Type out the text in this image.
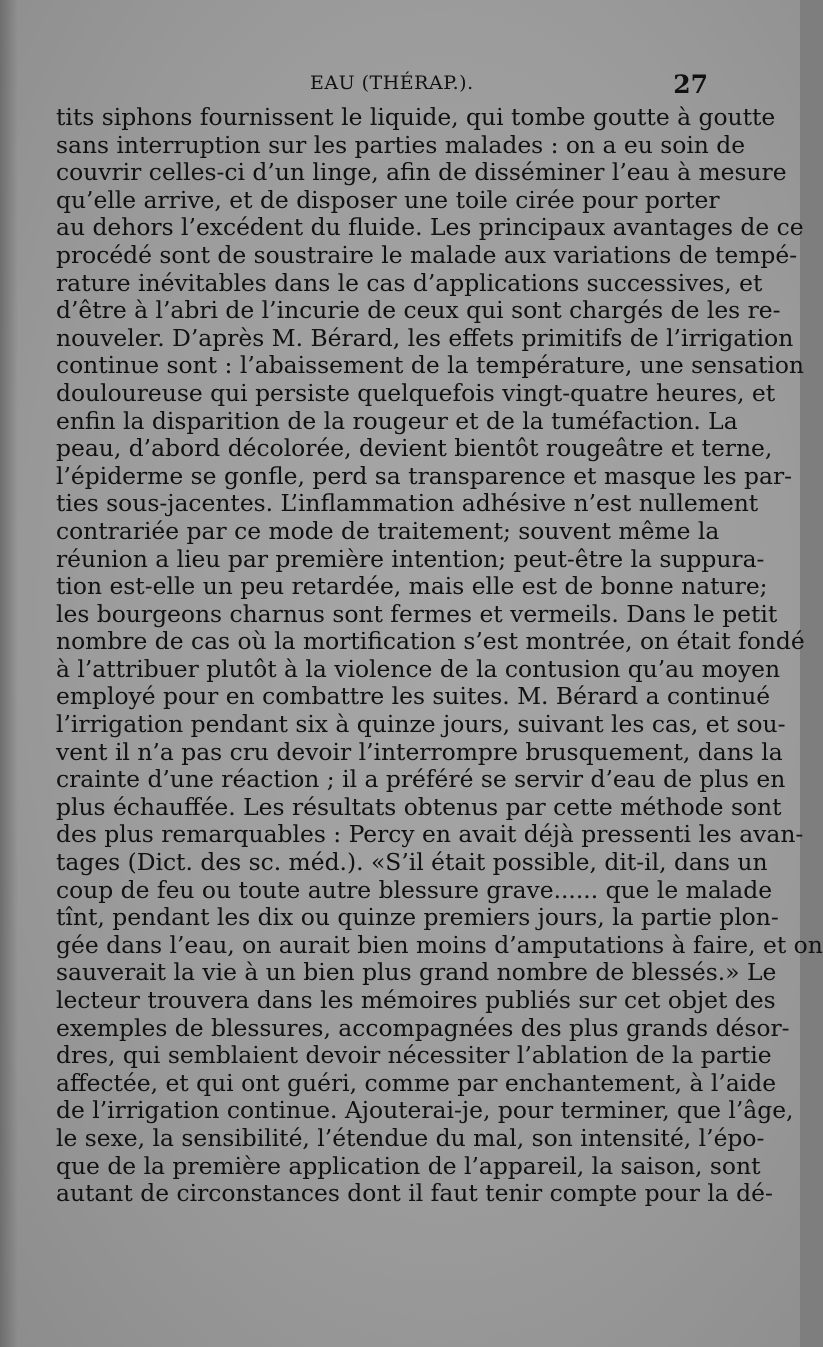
EAU (THÉRAP.).	27
tits siphons fournissent le liquide, qui tombe goutte à goutte
sans interruption sur les parties malades : on a eu soin de
couvrir celles-ci d’un linge, afin de disséminer l’eau à mesure
qu’elle arrive, et de disposer une toile cirée pour porter
au dehors l’excédent du fluide. Les principaux avantages de ce
procédé sont de soustraire le malade aux variations de tempé-
rature inévitables dans le cas d’applications successives, et
d’être à l’abri de l’incurie de ceux qui sont chargés de les re-
nouveler. D’après M. Bérard, les effets primitifs de l’irrigation
continue sont : l’abaissement de la température, une sensation
douloureuse qui persiste quelquefois vingt-quatre heures, et
enfin la disparition de la rougeur et de la tuméfaction. La
peau, d’abord décolorée, devient bientôt rougeâtre et terne,
l’épiderme se gonfle, perd sa transparence et masque les par-
ties sous-jacentes. L’inflammation adhésive n’est nullement
contrariée par ce mode de traitement; souvent même la
réunion a lieu par première intention; peut-être la suppura-
tion est-elle un peu retardée, mais elle est de bonne nature;
les bourgeons charnus sont fermes et vermeils. Dans le petit
nombre de cas où la mortification s’est montrée, on était fondé
à l’attribuer plutôt à la violence de la contusion qu’au moyen
employé pour en combattre les suites. M. Bérard a continué
l’irrigation pendant six à quinze jours, suivant les cas, et sou-
vent il n’a pas cru devoir l’interrompre brusquement, dans la
crainte d’une réaction ; il a préféré se servir d’eau de plus en
plus échauffée. Les résultats obtenus par cette méthode sont
des plus remarquables : Percy en avait déjà pressenti les avan-
tages (Dict. des sc. méd.). «S’il était possible, dit-il, dans un
coup de feu ou toute autre blessure grave...... que le malade
tînt, pendant les dix ou quinze premiers jours, la partie plon-
gée dans l’eau, on aurait bien moins d’amputations à faire, et on
sauverait la vie à un bien plus grand nombre de blessés.» Le
lecteur trouvera dans les mémoires publiés sur cet objet des
exemples de blessures, accompagnées des plus grands désor-
dres, qui semblaient devoir nécessiter l’ablation de la partie
affectée, et qui ont guéri, comme par enchantement, à l’aide
de l’irrigation continue. Ajouterai-je, pour terminer, que l’âge,
le sexe, la sensibilité, l’étendue du mal, son intensité, l’épo-
que de la première application de l’appareil, la saison, sont
autant de circonstances dont il faut tenir compte pour la dé-
